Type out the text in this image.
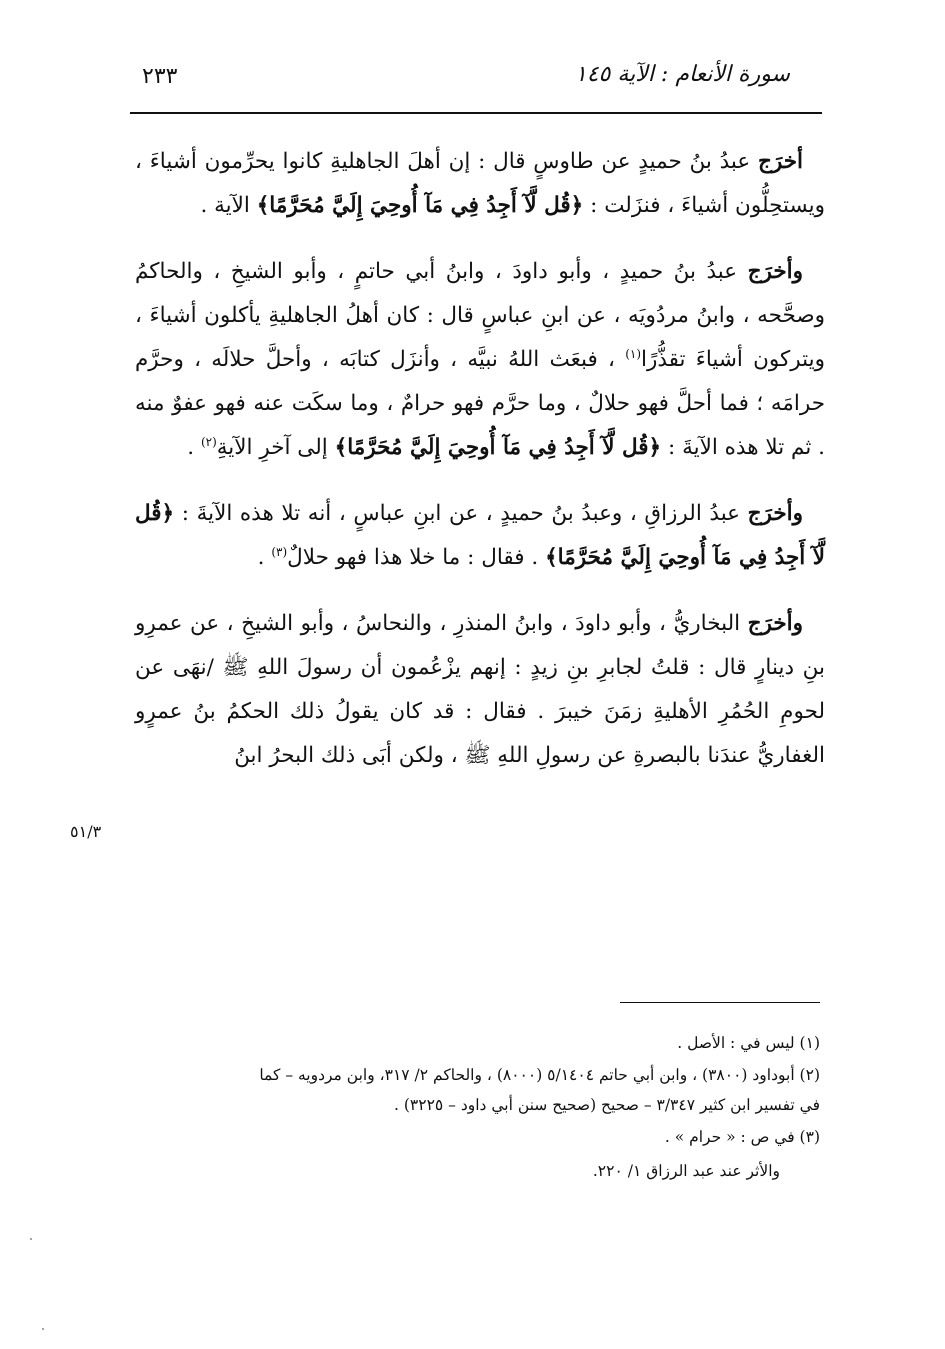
٢٣٣	سورة الأنعام : الآية ١٤٥
٥١/٣

أخرَج عبدُ بنُ حميدٍ عن طاوسٍ قال : إن أهلَ الجاهليةِ كانوا يحرِّمون أشياءَ ، ويستحِلُّون أشياءَ ، فنزَلت : ﴿قُل لَّآ أَجِدُ فِي مَآ أُوحِيَ إِلَيَّ مُحَرَّمًا﴾ الآية .

وأخرَج عبدُ بنُ حميدٍ ، وأبو داودَ ، وابنُ أبي حاتمٍ ، وأبو الشيخِ ، والحاكمُ وصحَّحه ، وابنُ مردُويَه ، عن ابنِ عباسٍ قال : كان أهلُ الجاهليةِ يأكلون أشياءَ ، ويتركون أشياءَ تقذُّرًا$^{(١)}$ ، فبعَث اللهُ نبيَّه ، وأنزَل كتابَه ، وأحلَّ حلالَه ، وحرَّم حرامَه ؛ فما أحلَّ فهو حلالٌ ، وما حرَّم فهو حرامٌ ، وما سكَت عنه فهو عفوٌ منه . ثم تلا هذه الآيةَ : ﴿قُل لَّآ أَجِدُ فِي مَآ أُوحِيَ إِلَيَّ مُحَرَّمًا﴾ إلى آخرِ الآيةِ$^{(٢)}$ .

وأخرَج عبدُ الرزاقِ ، وعبدُ بنُ حميدٍ ، عن ابنِ عباسٍ ، أنه تلا هذه الآيةَ : ﴿قُل لَّآ أَجِدُ فِي مَآ أُوحِيَ إِلَيَّ مُحَرَّمًا﴾ . فقال : ما خلا هذا فهو حلالٌ$^{(٣)}$ .

وأخرَج البخاريُّ ، وأبو داودَ ، وابنُ المنذرِ ، والنحاسُ ، وأبو الشيخِ ، عن عمرِو بنِ دينارٍ قال : قلتُ لجابرِ بنِ زيدٍ : إنهم يزْعُمون أن رسولَ اللهِ ﷺ /نهَى عن لحومِ الحُمُرِ الأهليةِ زمَنَ خيبرَ . فقال : قد كان يقولُ ذلك الحكمُ بنُ عمرٍو الغفاريُّ عندَنا بالبصرةِ عن رسولِ اللهِ ﷺ ، ولكن أبَى ذلك البحرُ ابنُ

(١) ليس في : الأصل .

(٢) أبوداود (٣٨٠٠) ، وابن أبي حاتم ٥/١٤٠٤ (٨٠٠٠) ، والحاكم ٢/ ٣١٧، وابن مردويه – كما

في تفسير ابن كثير ٣/٣٤٧ – صحيح (صحيح سنن أبي داود – ٣٢٢٥) .

(٣) في ص : « حرام » .

والأثر عند عبد الرزاق ١/ ٢٢٠.
